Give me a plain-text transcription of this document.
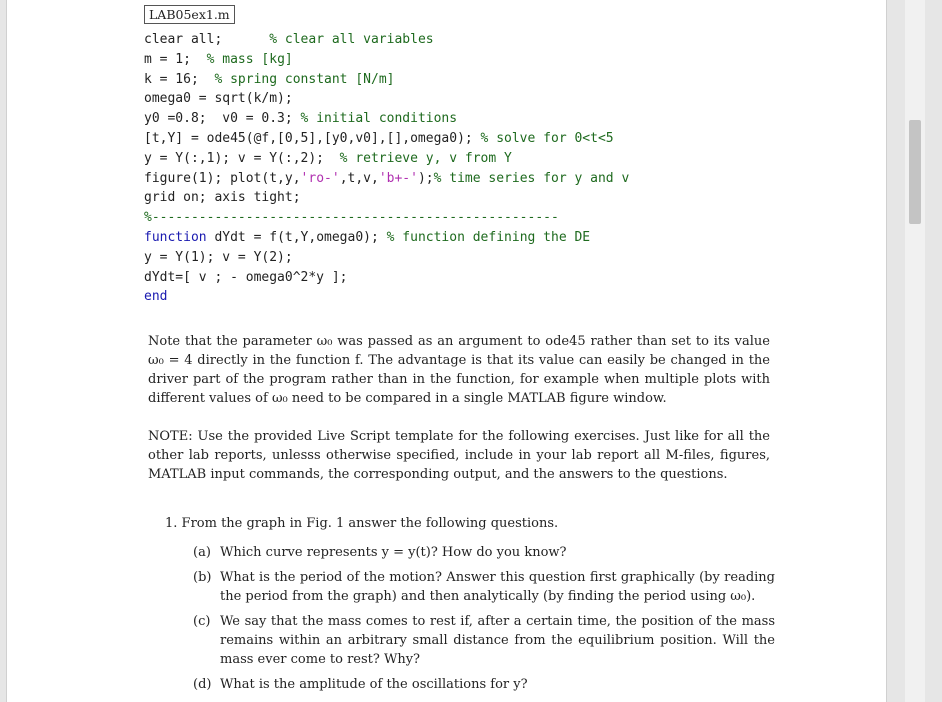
LAB05ex1.m
clear all;      % clear all variables
m = 1;  % mass [kg]
k = 16;  % spring constant [N/m]
omega0 = sqrt(k/m);
y0 =0.8;  v0 = 0.3; % initial conditions
[t,Y] = ode45(@f,[0,5],[y0,v0],[],omega0); % solve for 0<t<5
y = Y(:,1); v = Y(:,2);  % retrieve y, v from Y
figure(1); plot(t,y,'ro-',t,v,'b+-');% time series for y and v
grid on; axis tight;
%----------------------------------------------------
function dYdt = f(t,Y,omega0); % function defining the DE
y = Y(1); v = Y(2);
dYdt=[ v ; - omega0^2*y ];
end

Note that the parameter ω₀ was passed as an argument to ode45 rather than set to its value ω₀ = 4 directly in the function f. The advantage is that its value can easily be changed in the driver part of the program rather than in the function, for example when multiple plots with different values of ω₀ need to be compared in a single MATLAB figure window.

NOTE: Use the provided Live Script template for the following exercises. Just like for all the other lab reports, unlesss otherwise specified, include in your lab report all M-files, figures, MATLAB input commands, the corresponding output, and the answers to the questions.

1. From the graph in Fig. 1 answer the following questions.

(a) Which curve represents y = y(t)? How do you know?

(b) What is the period of the motion? Answer this question first graphically (by reading the period from the graph) and then analytically (by finding the period using ω₀).

(c) We say that the mass comes to rest if, after a certain time, the position of the mass remains within an arbitrary small distance from the equilibrium position. Will the mass ever come to rest? Why?

(d) What is the amplitude of the oscillations for y?
